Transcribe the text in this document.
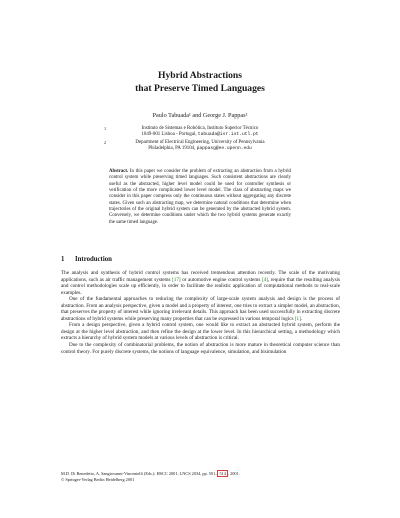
Hybrid Abstractions
that Preserve Timed Languages
Paulo Tabuada¹ and George J. Pappas²
1	Instituto de Sistemas e Robótica, Instituto Superior Técnico
1049-001 Lisboa - Portugal, tabuada@isr.ist.utl.pt
2	Department of Electrical Engineering, University of Pennsylvania
Philadelphia, PA 19104, pappasg@ee.upenn.edu
Abstract. In this paper we consider the problem of extracting an abstraction from a hybrid control system while preserving timed languages. Such consistent abstractions are clearly useful as the abstracted, higher level model could be used for controller synthesis or verification of the more complicated lower level model. The class of abstracting maps we consider in this paper compress only the continuous states without aggregating any discrete states. Given such an abstracting map, we determine natural conditions that determine when trajectories of the original hybrid system can be generated by the abstracted hybrid system. Conversely, we determine conditions under which the two hybrid systems generate exactly the same timed language.
1 Introduction

The analysis and synthesis of hybrid control systems has received tremendous attention recently. The scale of the motivating applications, such as air traffic management systems [17] or automotive engine control systems [4], require that the resulting analysis and control methodologies scale up efficiently, in order to facilitate the realistic application of computational methods to real-scale examples.

One of the fundamental approaches to reducing the complexity of large-scale system analysis and design is the process of abstraction. From an analysis perspective, given a model and a property of interest, one tries to extract a simpler model, an abstraction, that preserves the property of interest while ignoring irrelevant details. This approach has been used successfully in extracting discrete abstractions of hybrid systems while preserving many properties that can be expressed in various temporal logics [1].

From a design perspective, given a hybrid control system, one would like to extract an abstracted hybrid system, perform the design at the higher level abstraction, and then refine the design at the lower level. In this hierarchical setting, a methodology which extracts a hierarchy of hybrid system models at various levels of abstraction is critical.

Due to the complexity of combinatorial problems, the notion of abstraction is more mature in theoretical computer science than control theory. For purely discrete systems, the notions of language equivalence, simulation, and bisimulation

M.D. Di Benedetto, A. Sangiovanni-Vincentelli (Eds.): HSCC 2001, LNCS 2034, pp. 501– 514 , 2001.
© Springer-Verlag Berlin Heidelberg 2001
